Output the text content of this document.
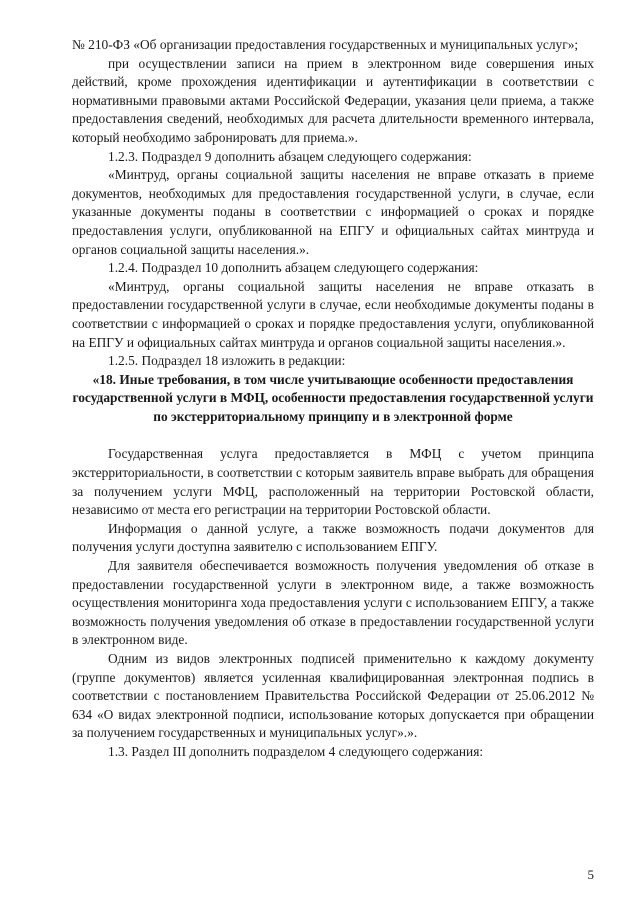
№ 210-ФЗ «Об организации предоставления государственных и муниципальных услуг»;

при осуществлении записи на прием в электронном виде совершения иных действий, кроме прохождения идентификации и аутентификации в соответствии с нормативными правовыми актами Российской Федерации, указания цели приема, а также предоставления сведений, необходимых для расчета длительности временного интервала, который необходимо забронировать для приема.».

1.2.3. Подраздел 9 дополнить абзацем следующего содержания:

«Минтруд, органы социальной защиты населения не вправе отказать в приеме документов, необходимых для предоставления государственной услуги, в случае, если указанные документы поданы в соответствии с информацией о сроках и порядке предоставления услуги, опубликованной на ЕПГУ и официальных сайтах минтруда и органов социальной защиты населения.».

1.2.4. Подраздел 10 дополнить абзацем следующего содержания:

«Минтруд, органы социальной защиты населения не вправе отказать в предоставлении государственной услуги в случае, если необходимые документы поданы в соответствии с информацией о сроках и порядке предоставления услуги, опубликованной на ЕПГУ и официальных сайтах минтруда и органов социальной защиты населения.».

1.2.5. Подраздел 18 изложить в редакции:

«18. Иные требования, в том числе учитывающие особенности предоставления государственной услуги в МФЦ, особенности предоставления государственной услуги по экстерриториальному принципу и в электронной форме

Государственная услуга предоставляется в МФЦ с учетом принципа экстерриториальности, в соответствии с которым заявитель вправе выбрать для обращения за получением услуги МФЦ, расположенный на территории Ростовской области, независимо от места его регистрации на территории Ростовской области.

Информация о данной услуге, а также возможность подачи документов для получения услуги доступна заявителю с использованием ЕПГУ.

Для заявителя обеспечивается возможность получения уведомления об отказе в предоставлении государственной услуги в электронном виде, а также возможность осуществления мониторинга хода предоставления услуги с использованием ЕПГУ, а также возможность получения уведомления об отказе в предоставлении государственной услуги в электронном виде.

Одним из видов электронных подписей применительно к каждому документу (группе документов) является усиленная квалифицированная электронная подпись в соответствии с постановлением Правительства Российской Федерации от 25.06.2012 № 634 «О видах электронной подписи, использование которых допускается при обращении за получением государственных и муниципальных услуг».».

1.3. Раздел III дополнить подразделом 4 следующего содержания:

5
